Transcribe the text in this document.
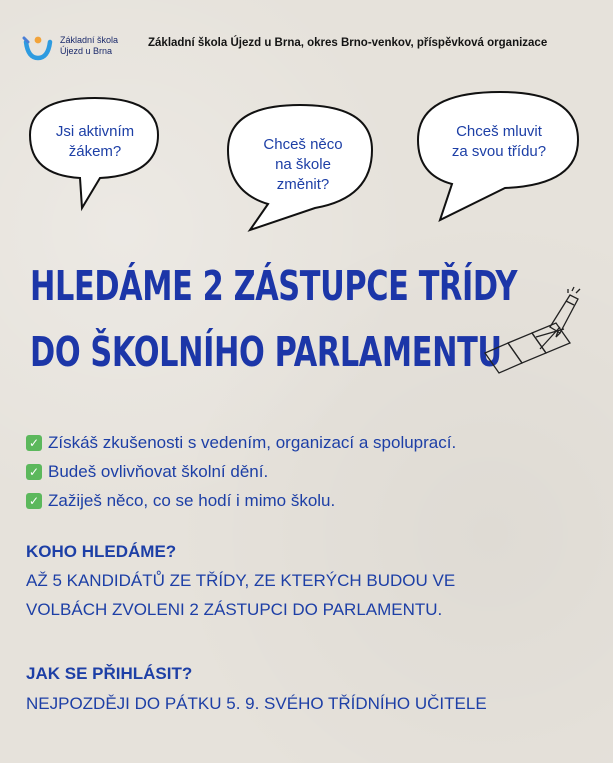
Základní škola
Újezd u Brna
Základní škola Újezd u Brna, okres Brno-venkov, příspěvková organizace
Jsi aktivním
žákem?	Chceš něco
na škole
změnit?
Chceš mluvit
za svou třídu?
HLEDÁME 2 ZÁSTUPCE TŘÍDY
DO ŠKOLNÍHO PARLAMENTU
✓ Získáš zkušenosti s vedením, organizací a spoluprací.
✓ Budeš ovlivňovat školní dění.
✓ Zažiješ něco, co se hodí i mimo školu.
KOHO HLEDÁME?
AŽ 5 KANDIDÁTŮ ZE TŘÍDY, ZE KTERÝCH BUDOU VE
VOLBÁCH ZVOLENI 2 ZÁSTUPCI DO PARLAMENTU.
JAK SE PŘIHLÁSIT?
NEJPOZDĚJI DO PÁTKU 5. 9. SVÉHO TŘÍDNÍHO UČITELE
